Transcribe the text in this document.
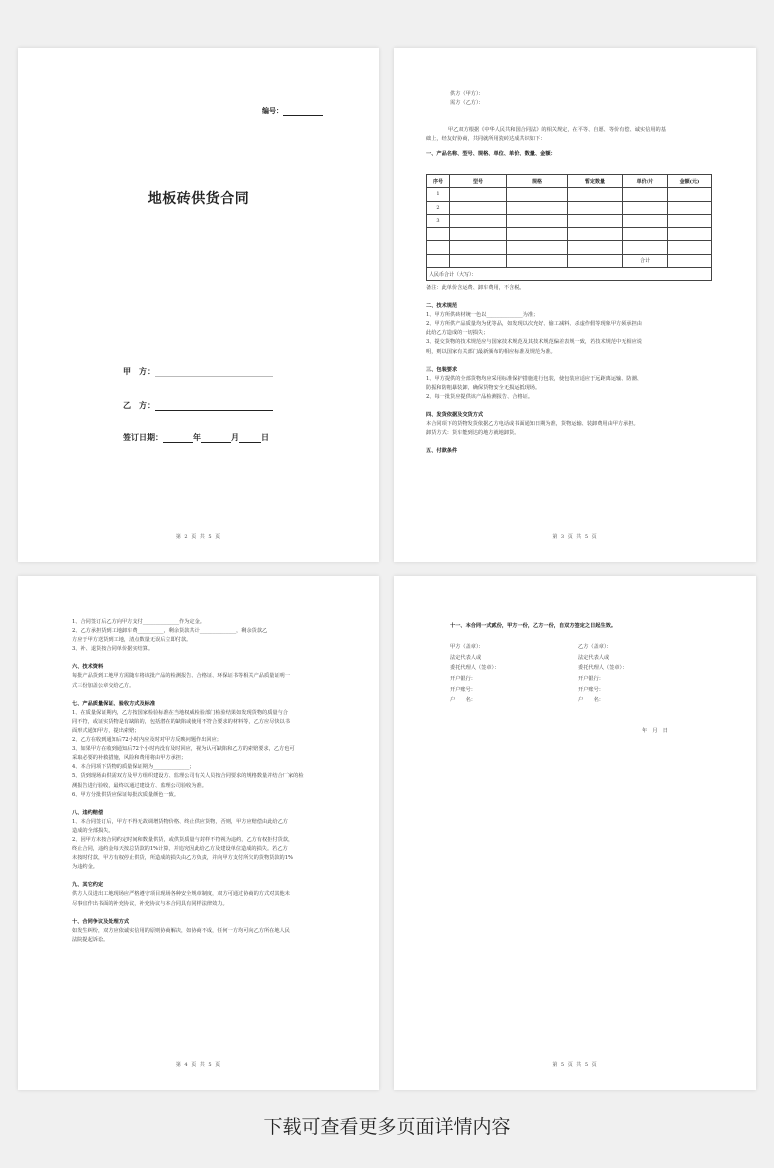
编号：
地板砖供货合同
甲　方：
乙　方：
签订日期：	年	月	日
第 2 页 共 5 页

供方（甲方）：

需方（乙方）：

甲乙双方根据《中华人民共和国合同法》的相关规定，在平等、自愿、等价有偿、诚实信用的基

础上，经友好协商，共同就所用瓷砖达成共识如下：

一、产品名称、型号、规格、单位、单价、数量、金额：

序号	型号	规格	暂定数量	单价/片	金额(元)
1					
2					
3					

				合计	
人民币合计（大写）：					

备注：此单价含运费、卸车费用，不含税。

二、技术规范

1、甲方所供砖材统一色以______________为准；

2、甲方所供产品质量均为优等品，如发现以次充好、偷工减料、杀虚作假等现象甲方须承担由

此给乙方造成的一切损失；

3、提交货物的技术规范应与国家技术规范及其技术规范偏差表规一致，若技术规范中无相应说

明，则以国家有关部门最新颁布的相应标准及规范为准。

三、包装要求

1、甲方提供的全部货物均应采用标准保护措施进行包装，使包装应适应于远距离运输、防潮、

防振和防粗暴装卸，确保货物安全无损运抵现场。

2、每一批货应提供该产品检测报告、合格证。

四、发货依据及交货方式

本合同项下的货物发货依据乙方电话或书面通知日期为准，货物运输、装卸费用由甲方承担。

卸货方式：货车能到达的地方就地卸货。

五、付款条件

第 3 页 共 5 页

1、合同签订后乙方向甲方支付______________作为定金。

2、乙方承担货到工地卸车费__________，剩余货款共计______________，剩余货款乙

方应于甲方送货到工地，清点数量无误后立即付款。

3、补、退货按合同单价据实结算。

六、技术资料

每批产品货到工地甲方需随车将该批产品的检测报告、合格证、环保证书等相关产品质量证明一

式三份加盖公章交给乙方。

七、产品质量保证、验收方式及标准

1、在质量保证期内，乙方按国家检验标准在当地权威检验部门检验结果如发现货物的质量与合

同不符，或证实货物是有缺陷的，包括潜在的缺陷或使用不符合要求的材料等，乙方应尽快以书

面形式通知甲方，提出索赔；

2、乙方在收到通知后72小时内应及时对甲方反映问题作出回应；

3、如果甲方在收到通知后72个小时内没有及时回应，视为认可缺陷和乙方的索赔要求，乙方也可

采取必要的补救措施，风险和费用将由甲方承担；

4、本合同项下货物的质量保证期为______________；

5、货到现场由供需双方及甲方组织建设方、监理公司有关人员按合同要求的规格数量并结合厂家的检

测报告进行验收，最终以通过建设方、监理公司验收为准。

6、甲方分批供货应保证每批次质量颜色一致。

八、违约赔偿

1、本合同签订后，甲方不得无故调增货物价格、终止供应货物，否则，甲方应赔偿由此给乙方

造成的全部损失。

2、因甲方未按合同约定时间和数量供货，或供货质量与封样不符视为违约，乙方有权拒付货款，

终止合同，违约金每天按总货款的1%计算，并追究因此给乙方及建设单位造成的损失。若乙方

未按时付款，甲方有权停止供货，所造成的损失由乙方负责，并向甲方支付所欠的货物货款的1%

为违约金。

九、其它约定

供方人员进出工地现场应严格遵守项目现场各种安全规章制度，双方可通过协商的方式对其他未

尽事宜作出书面的补充协议，补充协议与本合同具有同样法律效力。

十、合同争议及处理方式

如发生纠纷，双方应依诚实信用的原则协商解决，如协商不成，任何一方均可向乙方所在地人民

法院提起诉讼。

第 4 页 共 5 页

十一、本合同一式贰份，甲方一份，乙方一份，自双方签定之日起生效。

甲方（盖章）：
法定代表人或
委托代理人（签章）：
开户银行：
开户账号：
户　　名：
乙方（盖章）：
法定代表人或
委托代理人（签章）：
开户银行：
开户账号：
户　　名：
年　月　日
第 5 页 共 5 页
下载可查看更多页面详情内容
